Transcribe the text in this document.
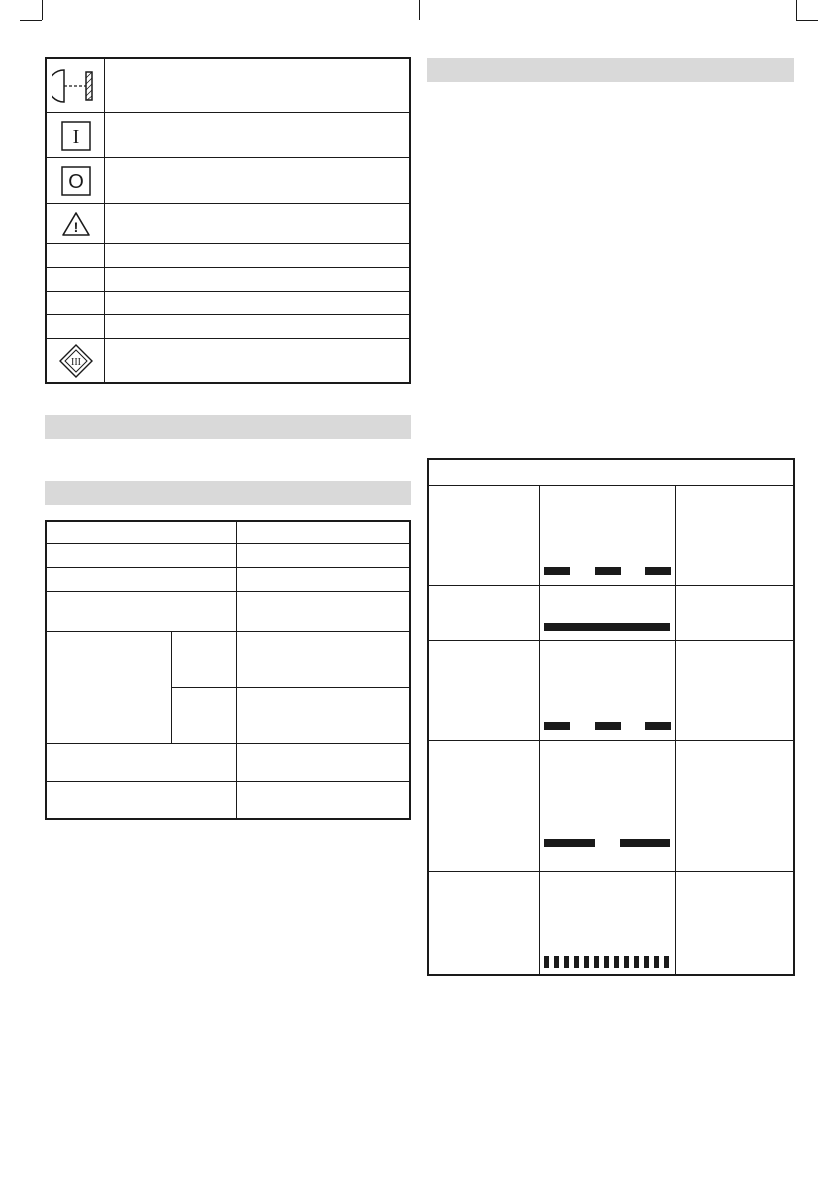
I
O
!
III
